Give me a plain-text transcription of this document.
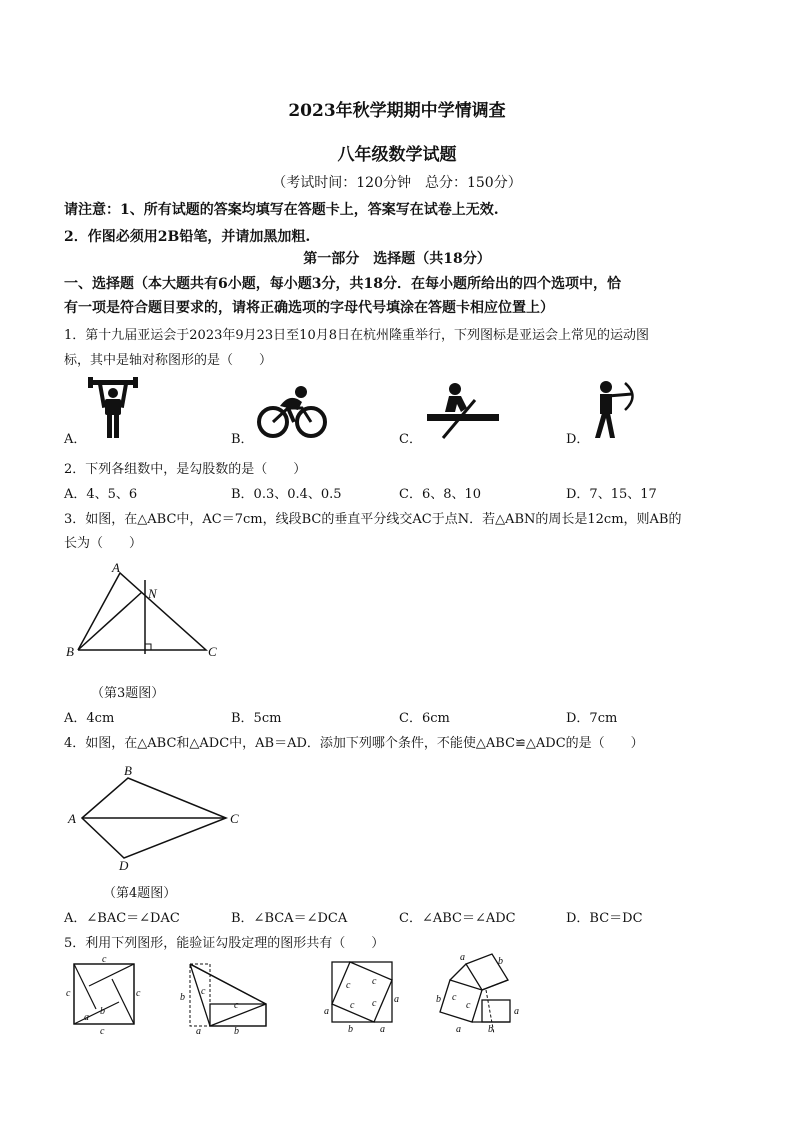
2023年秋学期期中学情调查
八年级数学试题
（考试时间：120分钟　总分：150分）
请注意：1、所有试题的答案均填写在答题卡上，答案写在试卷上无效.
2．作图必须用2B铅笔，并请加黑加粗.
第一部分　选择题（共18分）
一、选择题（本大题共有6小题，每小题3分，共18分．在每小题所给出的四个选项中，恰
有一项是符合题目要求的，请将正确选项的字母代号填涂在答题卡相应位置上）
1．第十九届亚运会于2023年9月23日至10月8日在杭州隆重举行，下列图标是亚运会上常见的运动图
标，其中是轴对称图形的是（　　）
A．	B．	C．	D．
2．下列各组数中，是勾股数的是（　　）
A．4、5、6	B．0.3、0.4、0.5	C．6、8、10	D．7、15、17
3．如图，在△ABC中，AC＝7cm，线段BC的垂直平分线交AC于点N．若△ABN的周长是12cm，则AB的
长为（　　）
A
B	C
N
（第3题图）
A．4cm	B．5cm	C．6cm	D．7cm
4．如图，在△ABC和△ADC中，AB＝AD．添加下列哪个条件，不能使△ABC≌△ADC的是（　　）
B
A	C
D
（第4题图）
A．∠BAC＝∠DAC	B．∠BCA＝∠DCA	C．∠ABC＝∠ADC	D．BC＝DC
5．利用下列图形，能验证勾股定理的图形共有（　　）
c
c	c
c
a
b
b
c
c
a	b
c c
c c
a
a
b	a
a	b
c
c
b
a
a	b
